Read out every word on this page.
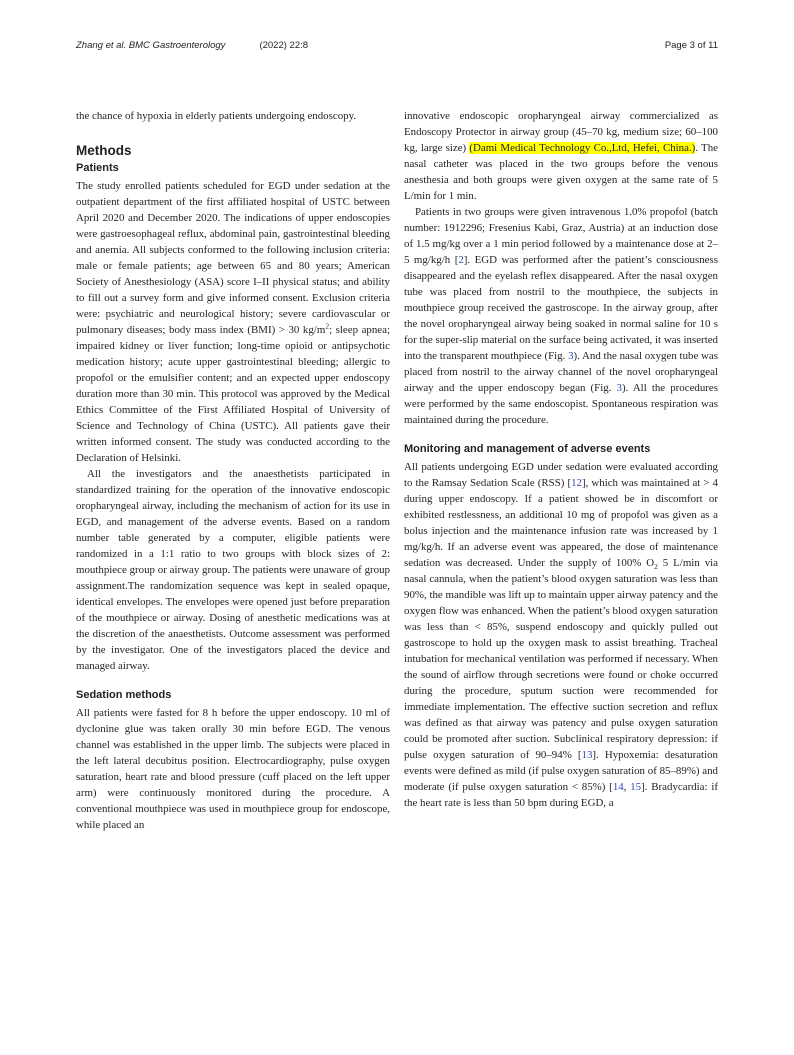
Zhang et al. BMC Gastroenterology	(2022) 22:8	Page 3 of 11

the chance of hypoxia in elderly patients undergoing endoscopy.

Methods
Patients

The study enrolled patients scheduled for EGD under sedation at the outpatient department of the first affiliated hospital of USTC between April 2020 and December 2020. The indications of upper endoscopies were gastroesophageal reflux, abdominal pain, gastrointestinal bleeding and anemia. All subjects conformed to the following inclusion criteria: male or female patients; age between 65 and 80 years; American Society of Anesthesiology (ASA) score I–II physical status; and ability to fill out a survey form and give informed consent. Exclusion criteria were: psychiatric and neurological history; severe cardiovascular or pulmonary diseases; body mass index (BMI) > 30 $kg/m^2$; sleep apnea; impaired kidney or liver function; long-time opioid or antipsychotic medication history; acute upper gastrointestinal bleeding; allergic to propofol or the emulsifier content; and an expected upper endoscopy duration more than 30 min. This protocol was approved by the Medical Ethics Committee of the First Affiliated Hospital of University of Science and Technology of China (USTC). All patients gave their written informed consent. The study was conducted according to the Declaration of Helsinki.

All the investigators and the anaesthetists participated in standardized training for the operation of the innovative endoscopic oropharyngeal airway, including the mechanism of action for its use in EGD, and management of the adverse events. Based on a random number table generated by a computer, eligible patients were randomized in a 1:1 ratio to two groups with block sizes of 2: mouthpiece group or airway group. The patients were unaware of group assignment.The randomization sequence was kept in sealed opaque, identical envelopes. The envelopes were opened just before preparation of the mouthpiece or airway. Dosing of anesthetic medications was at the discretion of the anaesthetists. Outcome assessment was performed by the investigator. One of the investigators placed the device and managed airway.

Sedation methods

All patients were fasted for 8 h before the upper endoscopy. 10 ml of dyclonine glue was taken orally 30 min before EGD. The venous channel was established in the upper limb. The subjects were placed in the left lateral decubitus position. Electrocardiography, pulse oxygen saturation, heart rate and blood pressure (cuff placed on the left upper arm) were continuously monitored during the procedure. A conventional mouthpiece was used in mouthpiece group for endoscope, while placed an

innovative endoscopic oropharyngeal airway commercialized as Endoscopy Protector in airway group (45–70 kg, medium size; 60–100 kg, large size) (Dami Medical Technology Co.,Ltd, Hefei, China.). The nasal catheter was placed in the two groups before the venous anesthesia and both groups were given oxygen at the same rate of 5 L/min for 1 min.

Patients in two groups were given intravenous 1.0% propofol (batch number: 1912296; Fresenius Kabi, Graz, Austria) at an induction dose of 1.5 mg/kg over a 1 min period followed by a maintenance dose at 2–5 mg/kg/h [2]. EGD was performed after the patient’s consciousness disappeared and the eyelash reflex disappeared. After the nasal oxygen tube was placed from nostril to the mouthpiece, the subjects in mouthpiece group received the gastroscope. In the airway group, after the novel oropharyngeal airway being soaked in normal saline for 10 s for the super-slip material on the surface being activated, it was inserted into the transparent mouthpiece (Fig. 3). And the nasal oxygen tube was placed from nostril to the airway channel of the novel oropharyngeal airway and the upper endoscopy began (Fig. 3). All the procedures were performed by the same endoscopist. Spontaneous respiration was maintained during the procedure.

Monitoring and management of adverse events

All patients undergoing EGD under sedation were evaluated according to the Ramsay Sedation Scale (RSS) [12], which was maintained at > 4 during upper endoscopy. If a patient showed be in discomfort or exhibited restlessness, an additional 10 mg of propofol was given as a bolus injection and the maintenance infusion rate was increased by 1 mg/kg/h. If an adverse event was appeared, the dose of maintenance sedation was decreased. Under the supply of 100% $O_2$ 5 L/min via nasal cannula, when the patient’s blood oxygen saturation was less than 90%, the mandible was lift up to maintain upper airway patency and the oxygen flow was enhanced. When the patient’s blood oxygen saturation was less than < 85%, suspend endoscopy and quickly pulled out gastroscope to hold up the oxygen mask to assist breathing. Tracheal intubation for mechanical ventilation was performed if necessary. When the sound of airflow through secretions were found or choke occurred during the procedure, sputum suction were recommended for immediate implementation. The effective suction secretion and reflux was defined as that airway was patency and pulse oxygen saturation could be promoted after suction. Subclinical respiratory depression: if pulse oxygen saturation of 90–94% [13]. Hypoxemia: desaturation events were defined as mild (if pulse oxygen saturation of 85–89%) and moderate (if pulse oxygen saturation < 85%) [14, 15]. Bradycardia: if the heart rate is less than 50 bpm during EGD, a
